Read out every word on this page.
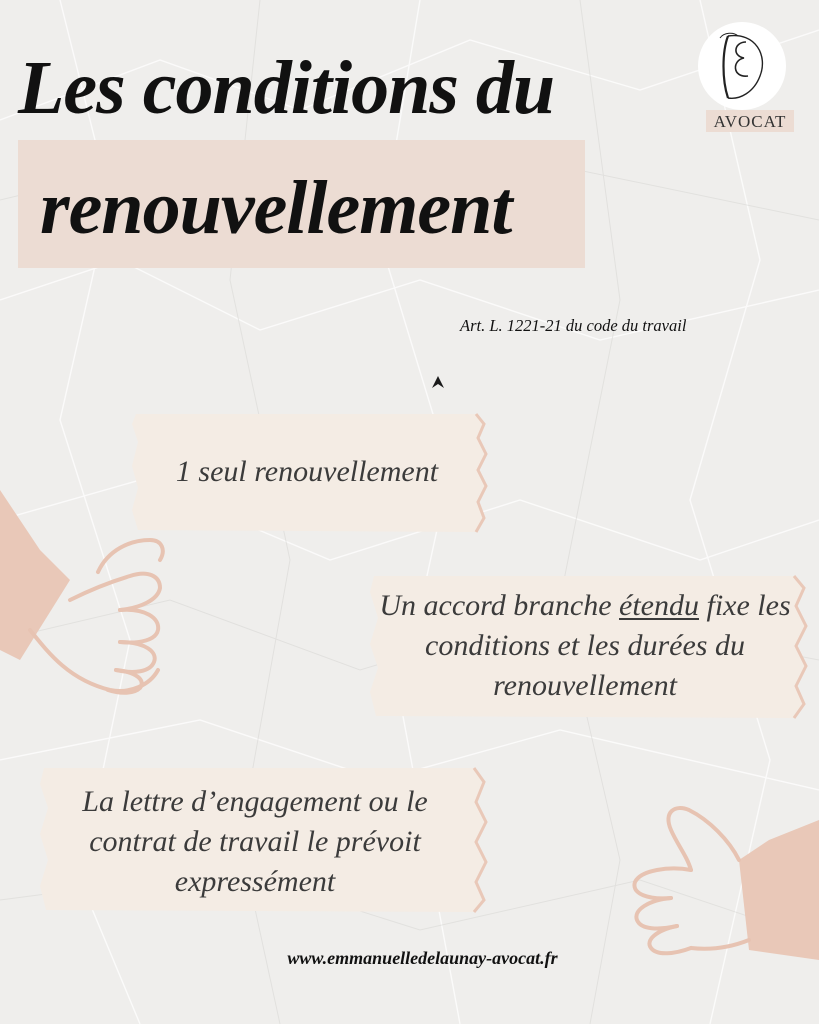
Les conditions du
renouvellement
AVOCAT
Art. L. 1221-21 du code du travail
1 seul renouvellement
Un accord branche étendu fixe les conditions et les durées du renouvellement
La lettre d’engagement ou le contrat de travail le prévoit expressément
www.emmanuelledelaunay-avocat.fr
